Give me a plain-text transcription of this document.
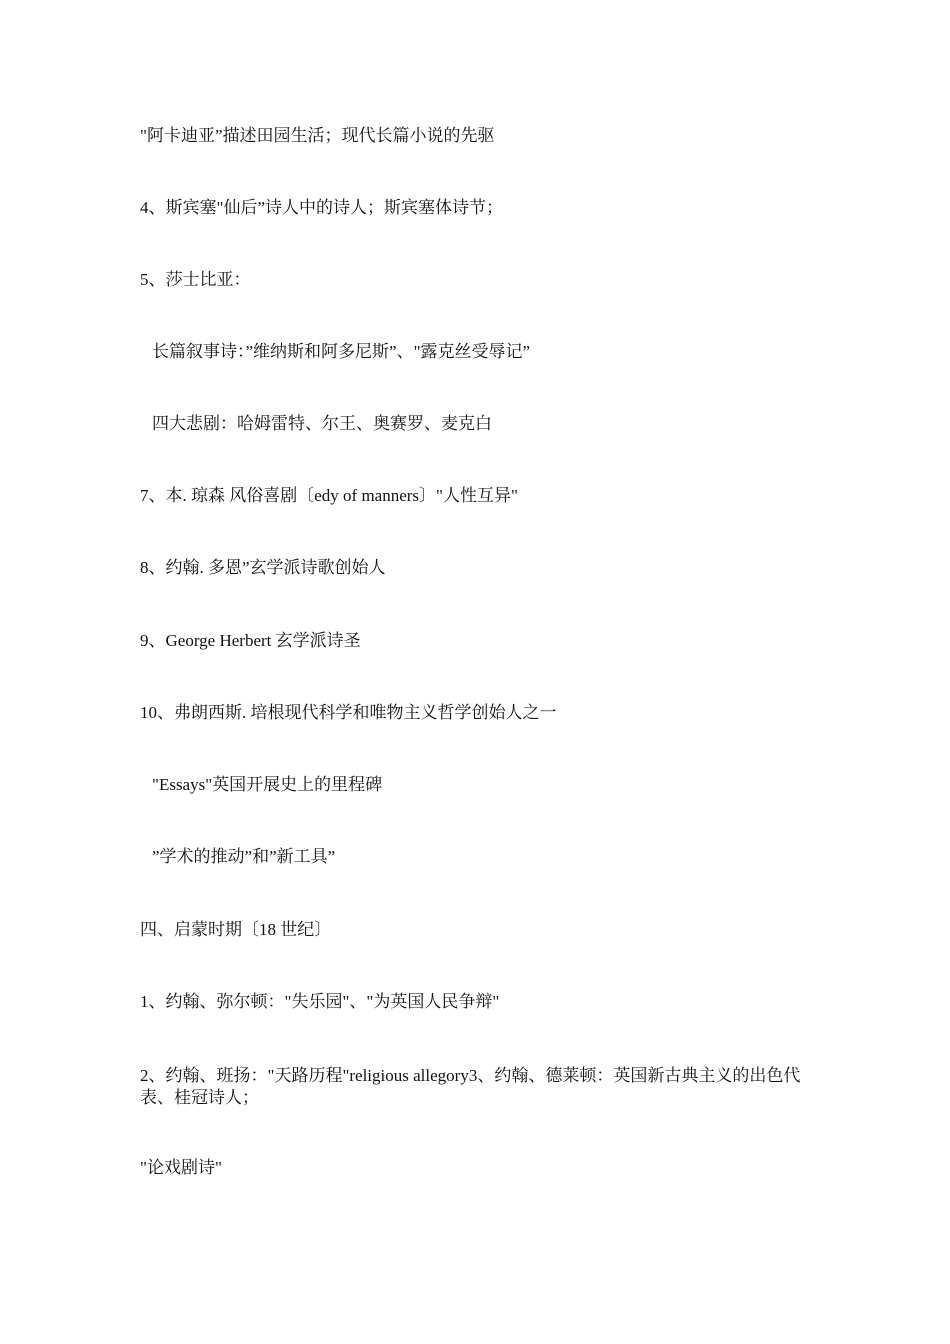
"阿卡迪亚”描述田园生活；现代长篇小说的先驱
4、斯宾塞"仙后”诗人中的诗人；斯宾塞体诗节；
5、莎士比亚：
长篇叙事诗：”维纳斯和阿多尼斯”、"露克丝受辱记”
四大悲剧：哈姆雷特、尔王、奥赛罗、麦克白
7、本. 琼森 风俗喜剧〔edy of manners〕"人性互异"
8、约翰. 多恩”玄学派诗歌创始人
9、George Herbert 玄学派诗圣
10、弗朗西斯. 培根现代科学和唯物主义哲学创始人之一
"Essays"英国开展史上的里程碑
”学术的推动”和”新工具”
四、启蒙时期〔18 世纪〕
1、约翰、弥尔顿："失乐园"、"为英国人民争辩"
2、约翰、班扬："天路历程"religious allegory3、约翰、德莱顿：英国新古典主义的出色代表、桂冠诗人；
"论戏剧诗"
